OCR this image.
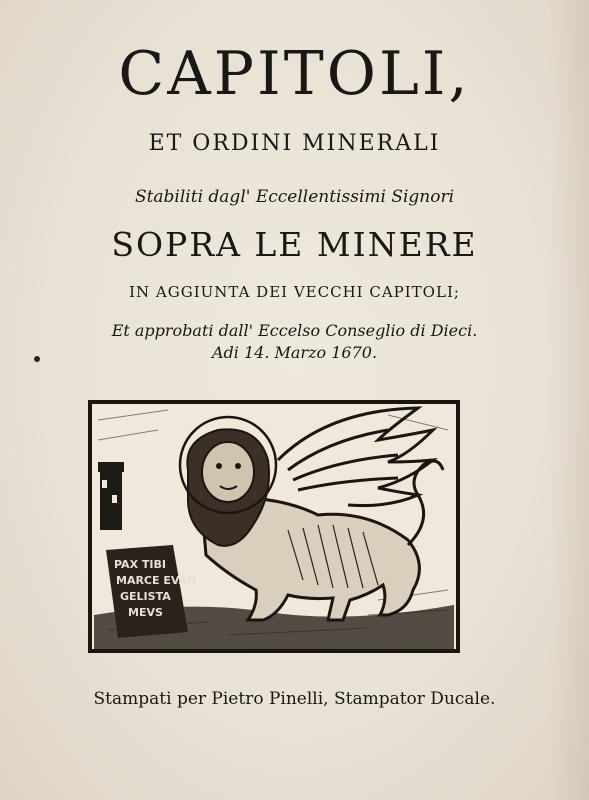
CAPITOLI,
ET ORDINI MINERALI
Stabiliti dagl' Eccellentissimi Signori
SOPRA LE MINERE
IN AGGIUNTA DEI VECCHI CAPITOLI;
Et approbati dall' Eccelso Conseglio di Dieci.
Adi 14. Marzo 1670.
PAX TIBI
MARCE EVAN
GELISTA
MEVS
Stampati per Pietro Pinelli, Stampator Ducale.
